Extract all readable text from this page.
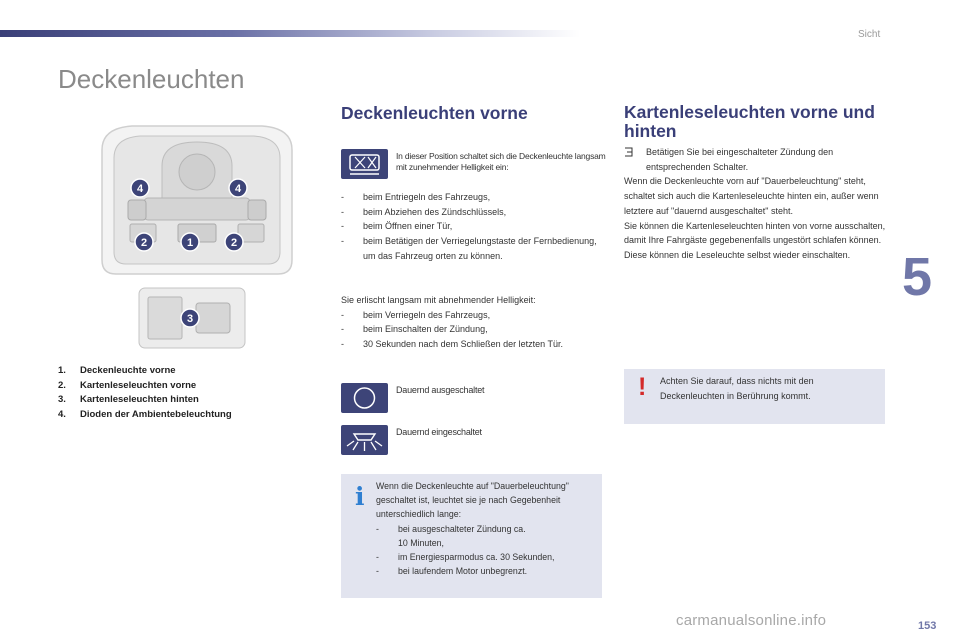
Sicht
Deckenleuchten
5
4	4
2	1	2
3
1.	Deckenleuchte vorne
2.	Kartenleseleuchten vorne
3.	Kartenleseleuchten hinten
4.	Dioden der Ambientebeleuchtung
Deckenleuchten vorne
In dieser Position schaltet sich die Deckenleuchte langsam mit zunehmender Helligkeit ein:
-	beim Entriegeln des Fahrzeugs,
-	beim Abziehen des Zündschlüssels,
-	beim Öffnen einer Tür,
-	beim Betätigen der Verriegelungstaste der Fernbedienung, um das Fahrzeug orten zu können.
Sie erlischt langsam mit abnehmender Helligkeit:
-	beim Verriegeln des Fahrzeugs,
-	beim Einschalten der Zündung,
-	30 Sekunden nach dem Schließen der letzten Tür.
Dauernd ausgeschaltet
Dauernd eingeschaltet
i Wenn die Deckenleuchte auf "Dauerbeleuchtung" geschaltet ist, leuchtet sie je nach Gegebenheit unterschiedlich lange:
-	bei ausgeschalteter Zündung ca. 10 Minuten,
-	im Energiesparmodus ca. 30 Sekunden,
-	bei laufendem Motor unbegrenzt.
Kartenleseleuchten vorne und hinten
Betätigen Sie bei eingeschalteter Zündung den entsprechenden Schalter.
Wenn die Deckenleuchte vorn auf "Dauerbeleuchtung" steht, schaltet sich auch die Kartenleseleuchte hinten ein, außer wenn letztere auf "dauernd ausgeschaltet" steht.
Sie können die Kartenleseleuchten hinten von vorne ausschalten, damit Ihre Fahrgäste gegebenenfalls ungestört schlafen können. Diese können die Leseleuchte selbst wieder einschalten.
! Achten Sie darauf, dass nichts mit den Deckenleuchten in Berührung kommt.
carmanualsonline.info	153
